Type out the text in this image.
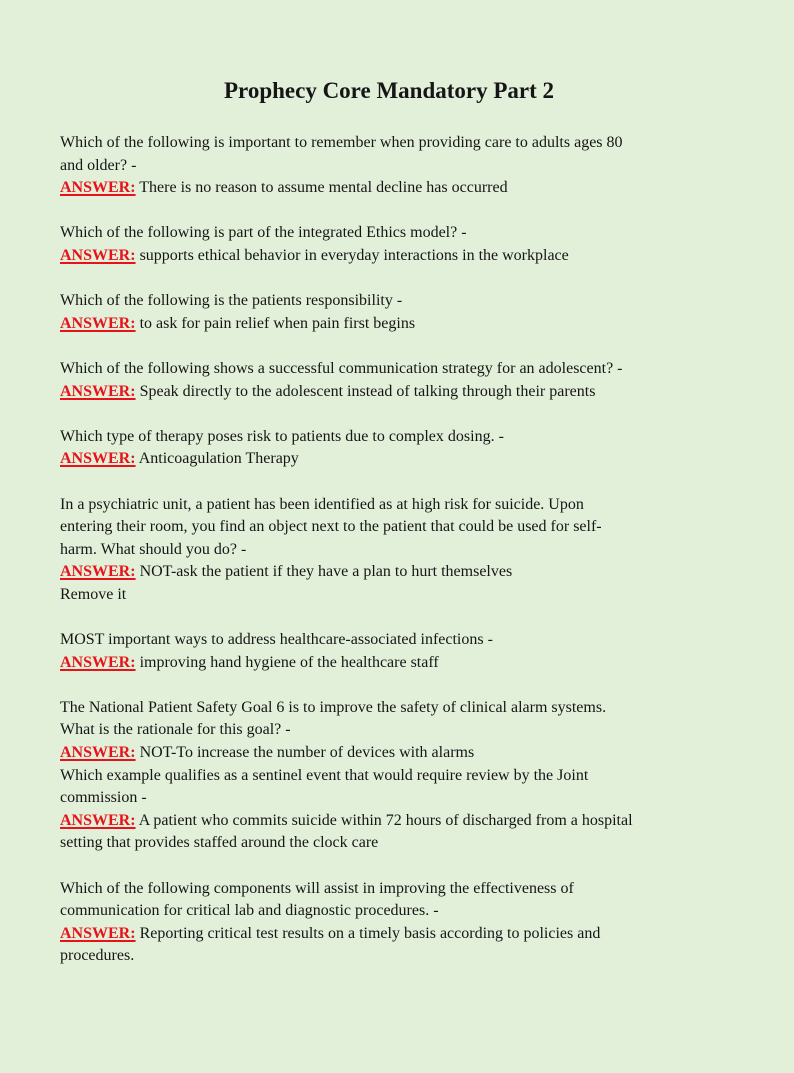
Prophecy Core Mandatory Part 2
Which of the following is important to remember when providing care to adults ages 80
and older? -
ANSWER: There is no reason to assume mental decline has occurred
Which of the following is part of the integrated Ethics model? -
ANSWER: supports ethical behavior in everyday interactions in the workplace
Which of the following is the patients responsibility -
ANSWER: to ask for pain relief when pain first begins
Which of the following shows a successful communication strategy for an adolescent? -
ANSWER: Speak directly to the adolescent instead of talking through their parents
Which type of therapy poses risk to patients due to complex dosing. -
ANSWER: Anticoagulation Therapy
In a psychiatric unit, a patient has been identified as at high risk for suicide. Upon
entering their room, you find an object next to the patient that could be used for self-
harm. What should you do? -
ANSWER: NOT-ask the patient if they have a plan to hurt themselves
Remove it
MOST important ways to address healthcare-associated infections -
ANSWER: improving hand hygiene of the healthcare staff
The National Patient Safety Goal 6 is to improve the safety of clinical alarm systems.
What is the rationale for this goal? -
ANSWER: NOT-To increase the number of devices with alarms
Which example qualifies as a sentinel event that would require review by the Joint
commission -
ANSWER: A patient who commits suicide within 72 hours of discharged from a hospital
setting that provides staffed around the clock care
Which of the following components will assist in improving the effectiveness of
communication for critical lab and diagnostic procedures. -
ANSWER: Reporting critical test results on a timely basis according to policies and
procedures.
